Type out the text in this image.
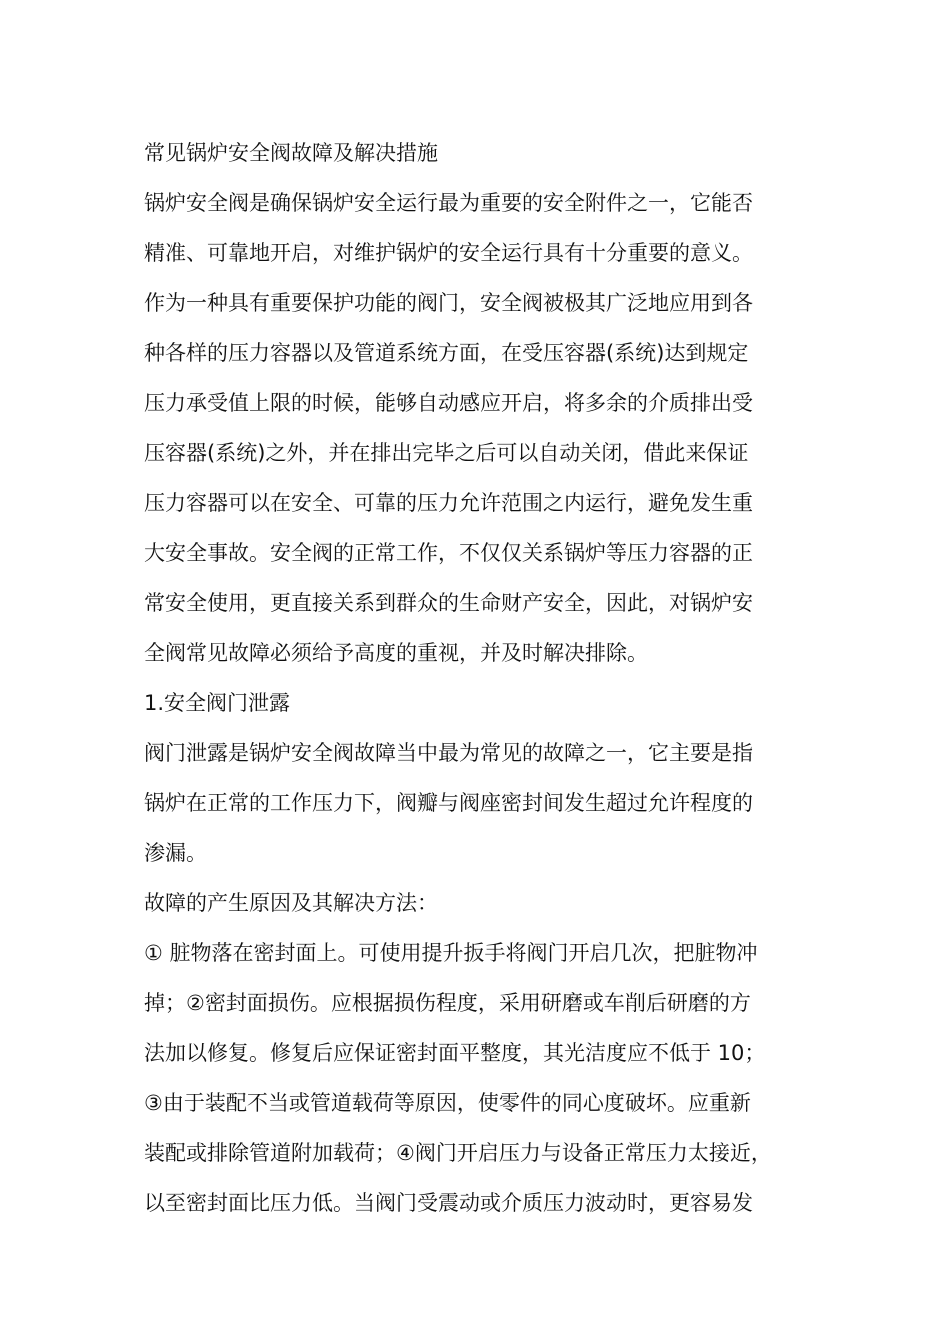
常见锅炉安全阀故障及解决措施
锅炉安全阀是确保锅炉安全运行最为重要的安全附件之一，它能否
精准、可靠地开启，对维护锅炉的安全运行具有十分重要的意义。
作为一种具有重要保护功能的阀门，安全阀被极其广泛地应用到各
种各样的压力容器以及管道系统方面，在受压容器(系统)达到规定
压力承受值上限的时候，能够自动感应开启，将多余的介质排出受
压容器(系统)之外，并在排出完毕之后可以自动关闭，借此来保证
压力容器可以在安全、可靠的压力允许范围之内运行，避免发生重
大安全事故。安全阀的正常工作，不仅仅关系锅炉等压力容器的正
常安全使用，更直接关系到群众的生命财产安全，因此，对锅炉安
全阀常见故障必须给予高度的重视，并及时解决排除。
1.安全阀门泄露
阀门泄露是锅炉安全阀故障当中最为常见的故障之一，它主要是指
锅炉在正常的工作压力下，阀瓣与阀座密封间发生超过允许程度的
渗漏。
故障的产生原因及其解决方法：
① 脏物落在密封面上。可使用提升扳手将阀门开启几次，把脏物冲
掉；②密封面损伤。应根据损伤程度，采用研磨或车削后研磨的方
法加以修复。修复后应保证密封面平整度，其光洁度应不低于 10；
③由于装配不当或管道载荷等原因，使零件的同心度破坏。应重新
装配或排除管道附加载荷；④阀门开启压力与设备正常压力太接近，
以至密封面比压力低。当阀门受震动或介质压力波动时，更容易发
